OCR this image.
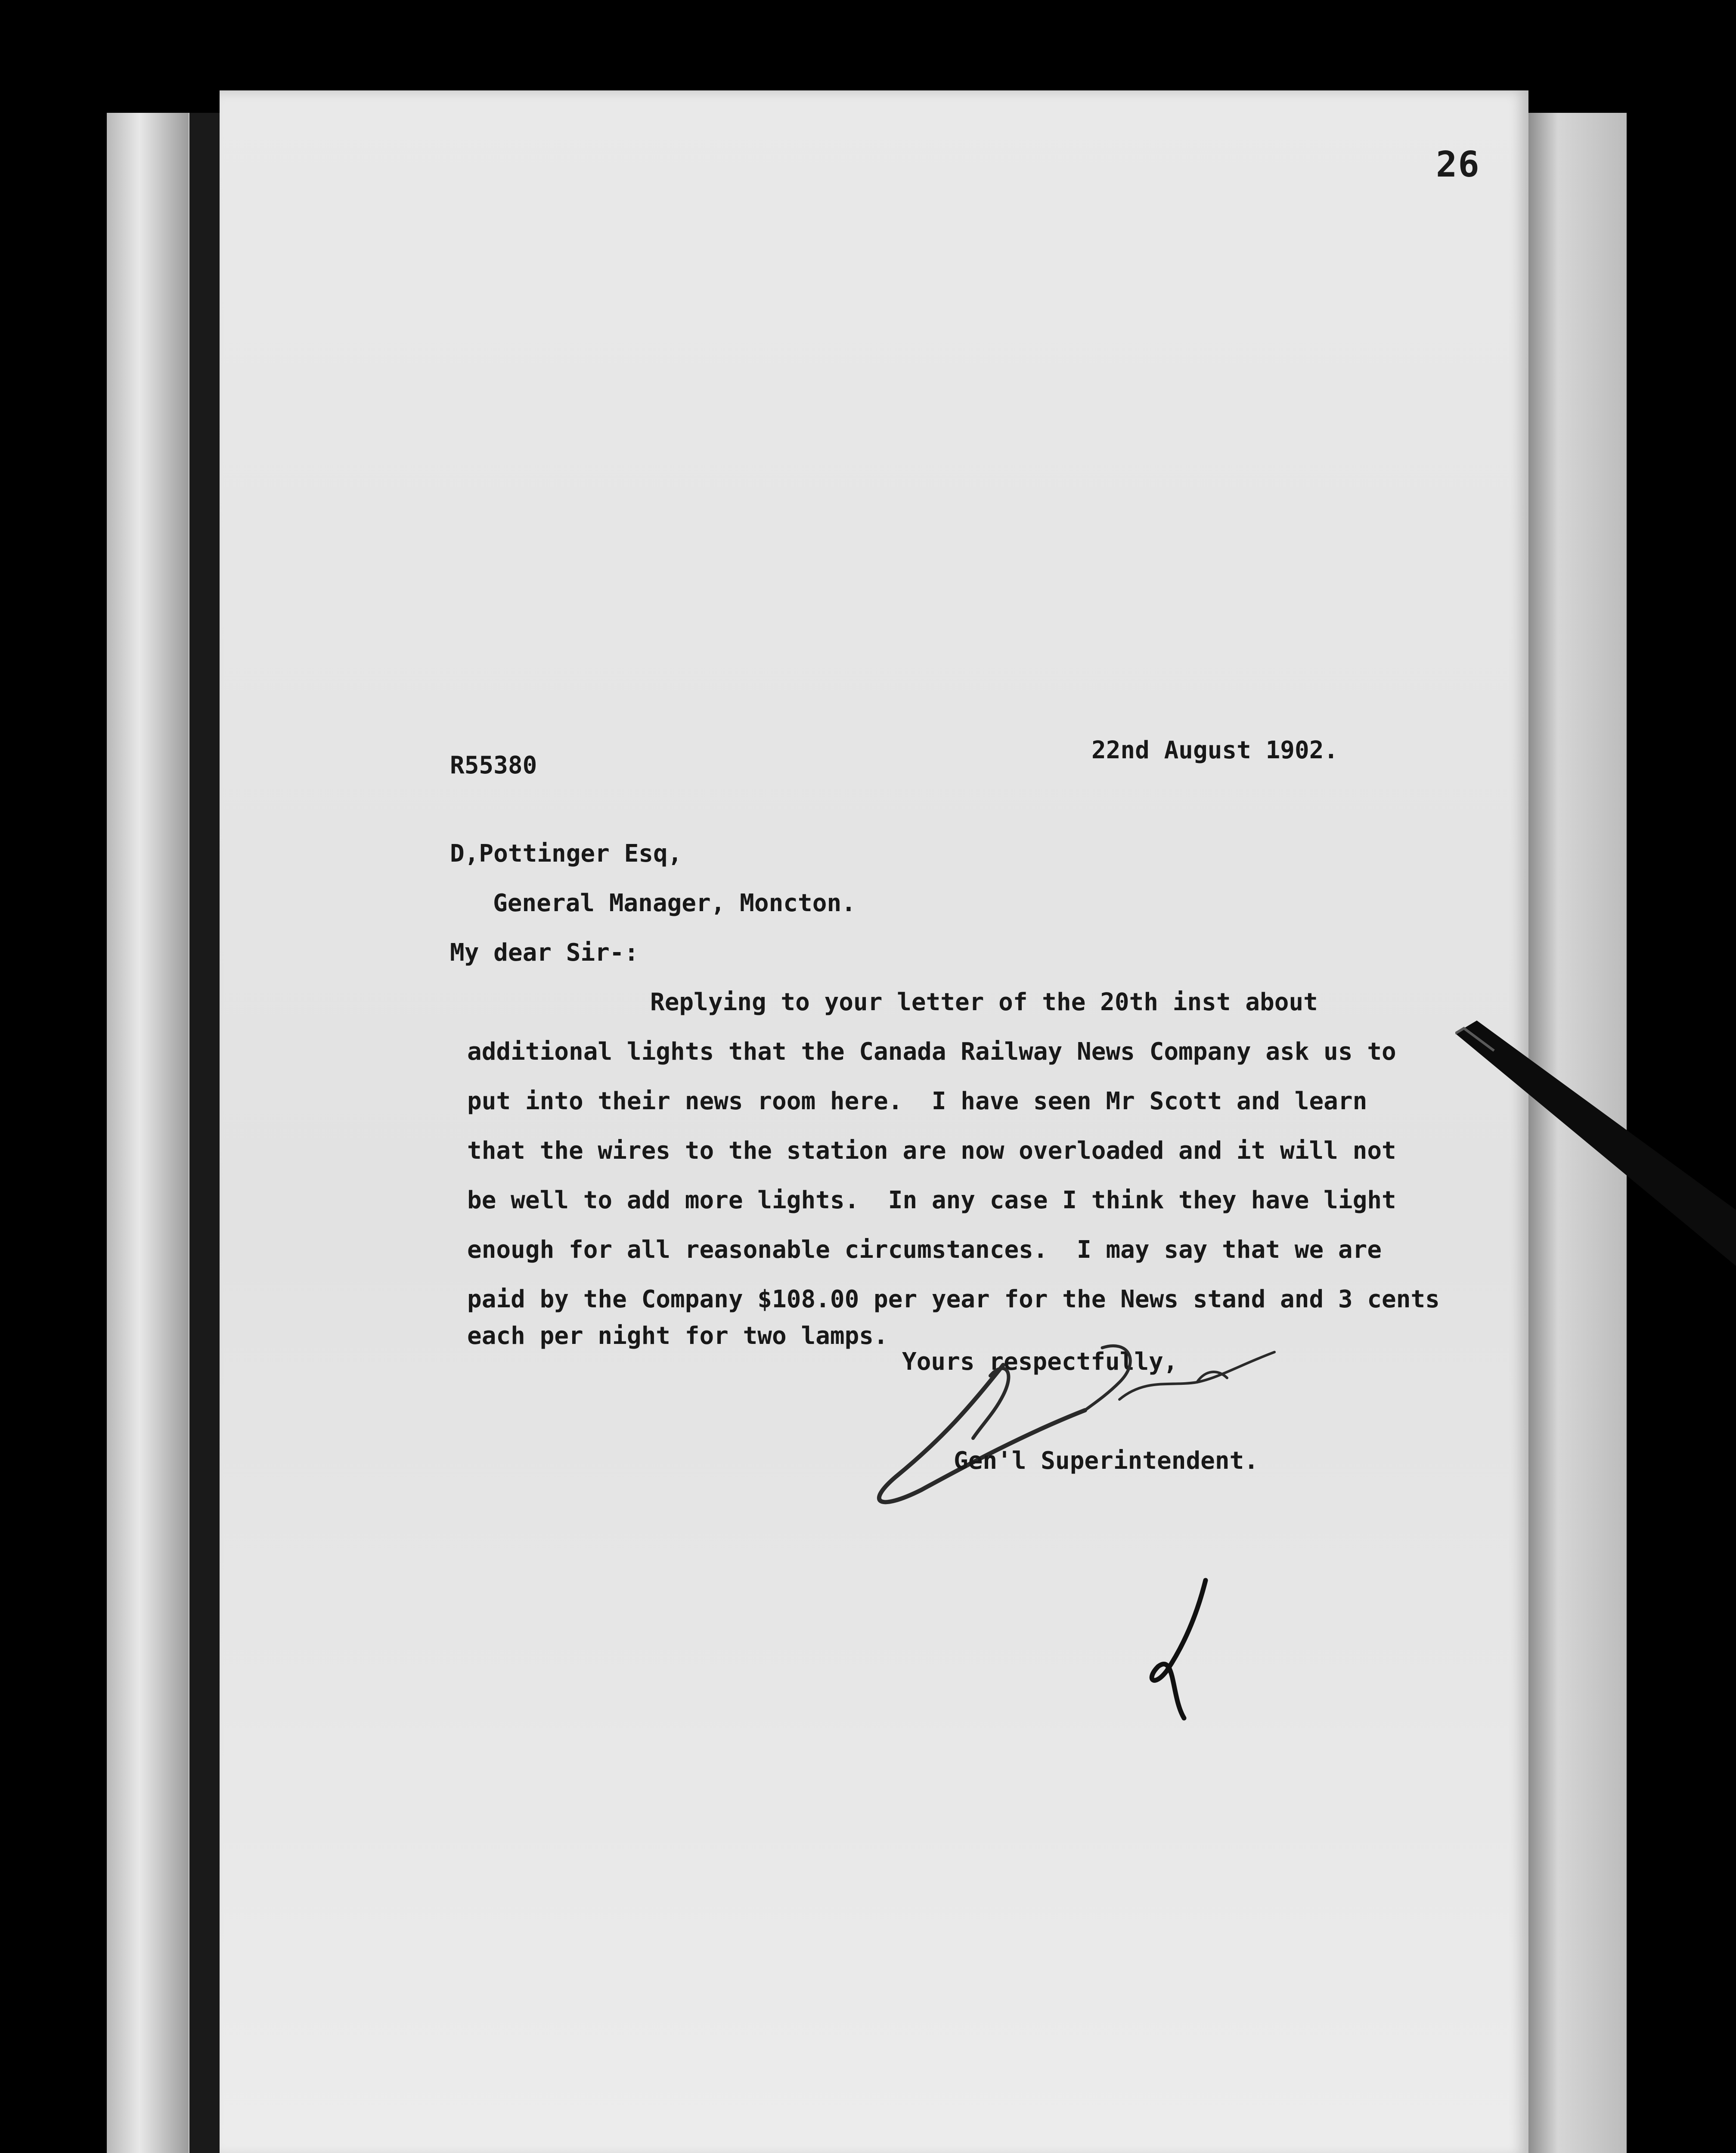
26
R55380
22nd August 1902.
D,Pottinger Esq,
General Manager, Moncton.
My dear Sir-:
Replying to your letter of the 20th inst about
additional lights that the Canada Railway News Company ask us to
put into their news room here.  I have seen Mr Scott and learn
that the wires to the station are now overloaded and it will not
be well to add more lights.  In any case I think they have light
enough for all reasonable circumstances.  I may say that we are
paid by the Company $108.00 per year for the News stand and 3 cents
each per night for two lamps.
Yours respectfully,
Gen'l Superintendent.
